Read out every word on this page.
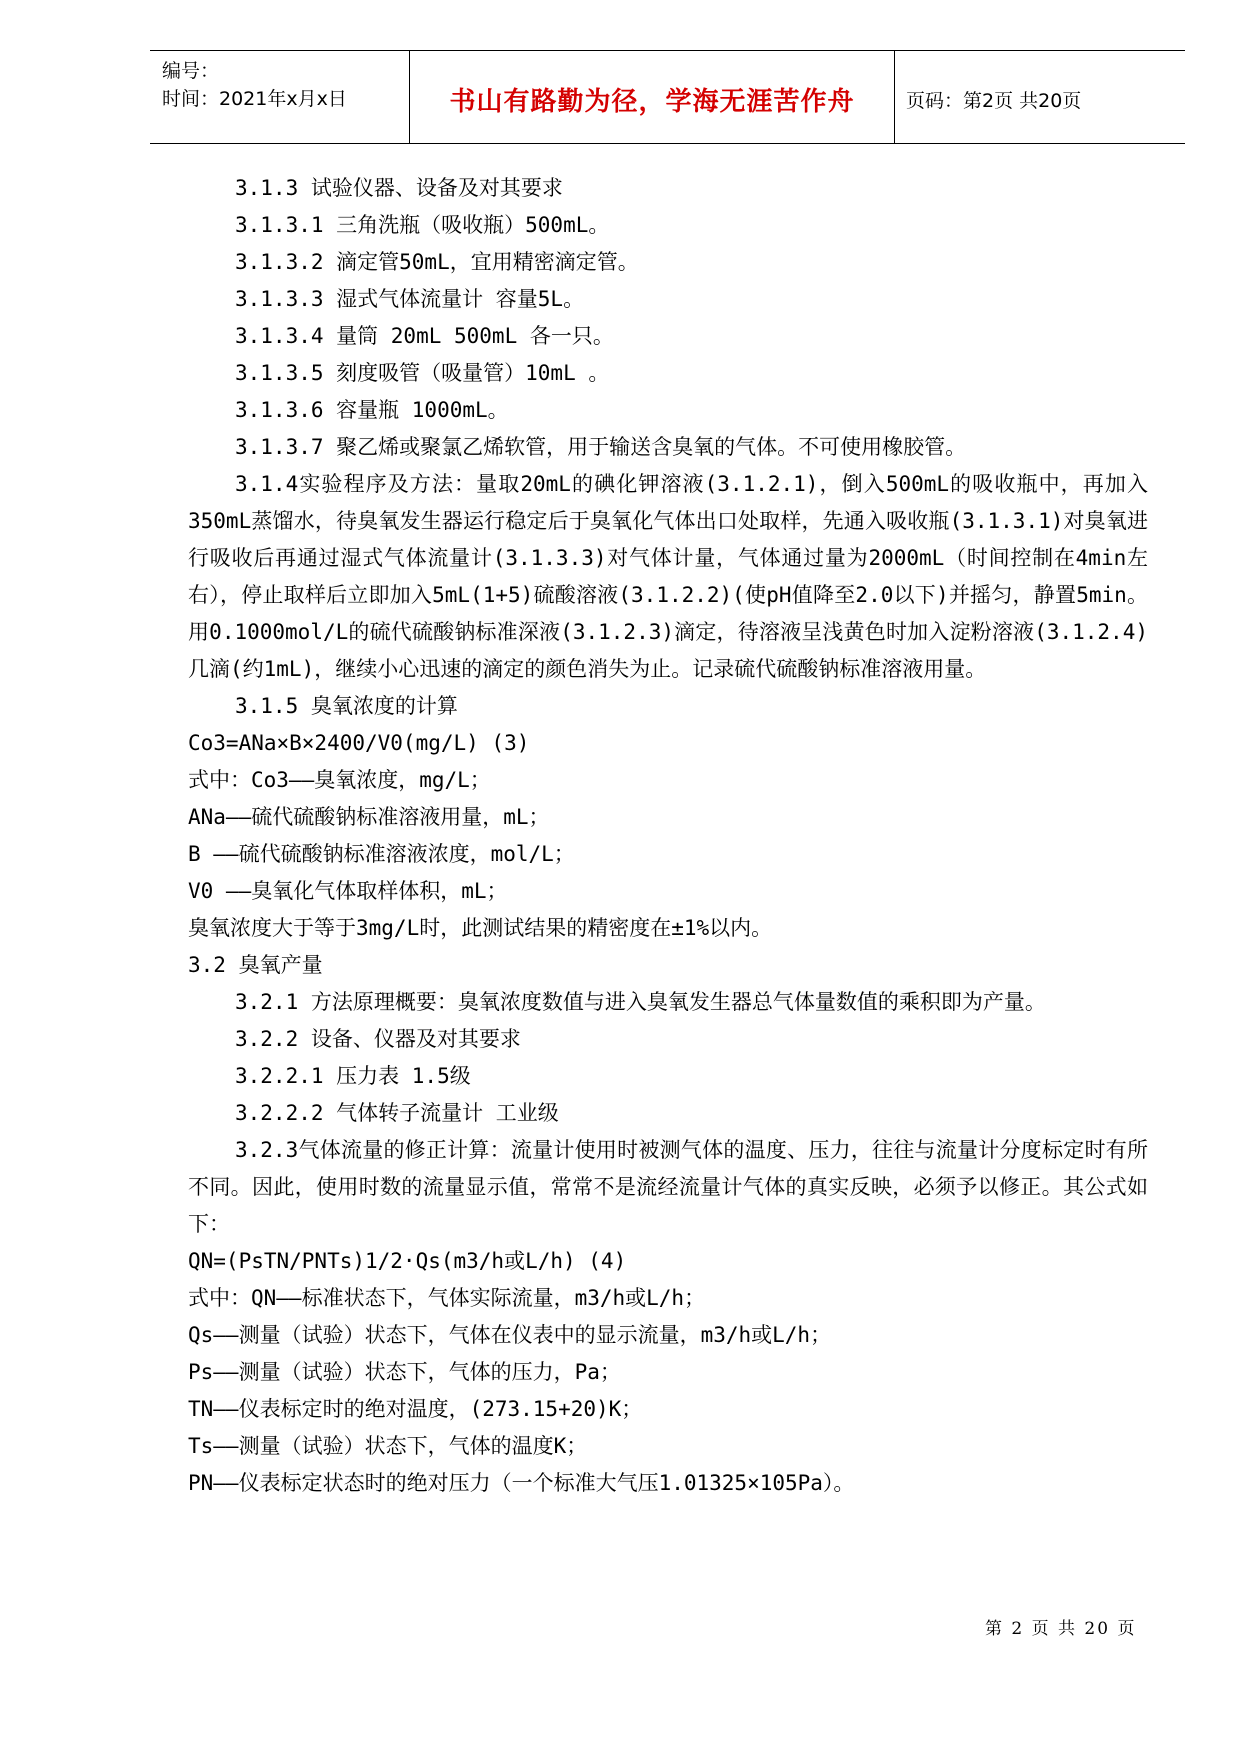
编号：
时间：2021年x月x日	书山有路勤为径，学海无涯苦作舟	页码：第2页 共20页
3.1.3 试验仪器、设备及对其要求
3.1.3.1 三角洗瓶（吸收瓶）500mL。
3.1.3.2 滴定管50mL，宜用精密滴定管。
3.1.3.3 湿式气体流量计 容量5L。
3.1.3.4 量筒 20mL 500mL 各一只。
3.1.3.5 刻度吸管（吸量管）10mL 。
3.1.3.6 容量瓶 1000mL。
3.1.3.7 聚乙烯或聚氯乙烯软管，用于输送含臭氧的气体。不可使用橡胶管。
3.1.4实验程序及方法：量取20mL的碘化钾溶液(3.1.2.1)，倒入500mL的吸收瓶中，再加入350mL蒸馏水，待臭氧发生器运行稳定后于臭氧化气体出口处取样，先通入吸收瓶(3.1.3.1)对臭氧进行吸收后再通过湿式气体流量计(3.1.3.3)对气体计量，气体通过量为2000mL（时间控制在4min左右），停止取样后立即加入5mL(1+5)硫酸溶液(3.1.2.2)(使pH值降至2.0以下)并摇匀，静置5min。用0.1000mol/L的硫代硫酸钠标准深液(3.1.2.3)滴定，待溶液呈浅黄色时加入淀粉溶液(3.1.2.4)几滴(约1mL)，继续小心迅速的滴定的颜色消失为止。记录硫代硫酸钠标准溶液用量。
3.1.5 臭氧浓度的计算
Co3=ANa×B×2400/V0(mg/L) (3)
式中：Co3——臭氧浓度，mg/L；
ANa——硫代硫酸钠标准溶液用量，mL；
B ——硫代硫酸钠标准溶液浓度，mol/L；
V0 ——臭氧化气体取样体积，mL；
臭氧浓度大于等于3mg/L时，此测试结果的精密度在±1%以内。
3.2 臭氧产量
3.2.1 方法原理概要：臭氧浓度数值与进入臭氧发生器总气体量数值的乘积即为产量。
3.2.2 设备、仪器及对其要求
3.2.2.1 压力表 1.5级
3.2.2.2 气体转子流量计 工业级
3.2.3气体流量的修正计算：流量计使用时被测气体的温度、压力，往往与流量计分度标定时有所不同。因此，使用时数的流量显示值，常常不是流经流量计气体的真实反映，必须予以修正。其公式如下：
QN=(PsTN/PNTs)1/2·Qs(m3/h或L/h) (4)
式中：QN——标准状态下，气体实际流量，m3/h或L/h；
Qs——测量（试验）状态下，气体在仪表中的显示流量，m3/h或L/h；
Ps——测量（试验）状态下，气体的压力，Pa；
TN——仪表标定时的绝对温度，(273.15+20)K；
Ts——测量（试验）状态下，气体的温度K；
PN——仪表标定状态时的绝对压力（一个标准大气压1.01325×105Pa）。
第 2 页 共 20 页
